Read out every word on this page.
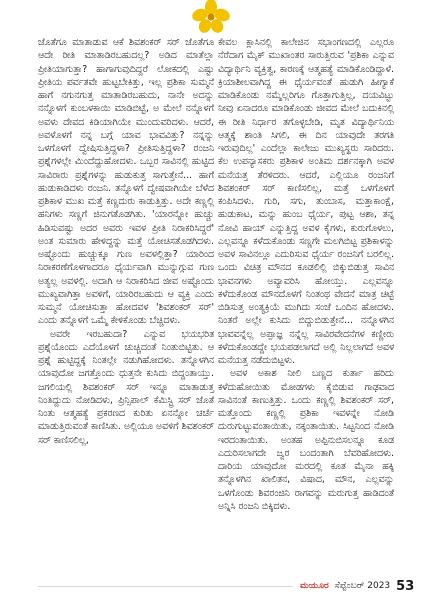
ಜೊತೆಗೂ ಮಾತಾಡುವ ಆಕೆ ಶಿವಶಂಕರ್ ಸರ್ ಜೊತೆಗೂ ಆದೇ ರೀತಿ ಮಾತಾಡಿರಬಹುದಲ್ಲ? ಅಡಿದ ಮಾತೆಲ್ಲಾ ಪ್ರೀತಿಯಾಗುತ್ತಾ? ಹಾಗಾಗುವುದಿದ್ದರೆ ಲೋಕದಲ್ಲಿ ಎಷ್ಟು ಪ್ರೀತಿಯ ಪರ್ವತವೇ ಹುಟ್ಟಬೇಕಿತ್ತು, ಇಲ್ಲ ಪ್ರಶಿಕಾ ಸುಮ್ಮನೆ ಹಾಗೆ ನಗುನಗುತ್ತ ಮಾತಾಡಿರಬಹುದು, ನಾನೇ ಅದನ್ನು ನನ್ನೊಳಗೆ ಕುಂಬಳಕಾಯಿ ಮಾಡಿಬಿಟ್ಟೆ, ಅ ಮೇಲೆ ನನ್ನೊಳಗೆ ಅವಳು ದೇವದ ಕಿಡಿಯಾಗಿಯೇ ಮುಂದುವರಿದಳು. ಆದರೆ, ಅವಳೊಳಗೆ ನನ್ನ ಬಗ್ಗೆ ಯಾವ ಭಾವವಿತ್ತು? ನನ್ನನ್ನು ಒಳಗೊಳಗೆ ದ್ವೇಷಿಸುತ್ತಿದ್ದಳಾ? ಪ್ರೀತಿಸುತ್ತಿದ್ದಳಾ? ರಂಜನಿ ಪ್ರಶ್ನೆಗಳಲ್ಲೇ ಮಿಂದೆದ್ದುಹೋದಳು. ಒಬ್ಬರ ಸಾವಿನಲ್ಲಿ ಹುಟ್ಟಿದ ಸಾವಿರಾರು ಪ್ರಶ್ನೆಗಳನ್ನು ಹುಡುಕುತ್ತ ಸಾಗುತ್ತೇನೆ... ಹಾಗೆ ಹುಡುಕಾಡಿದಳು ರಂಜನಿ. ತನ್ನೊಳಗೆ ದ್ವೇಷವಾಗಿಯೇ ಬೆಳೆದ ಪ್ರಶಿಕಾಳ ಮುಖ ಮತ್ತೆ ಕಣ್ಣದುರು ಕಾಡುತ್ತಿತ್ತು. ಅದೇ ಕಣ್ಣಲ್ಲಿ ಹನಿಗಳು ಸಣ್ಣಗೆ ಜಿನುಗತೊಡಗಿತು. 'ಯಾರನ್ನೋ ಹುಚ್ಚು ಹಿಡಿಸುವಷ್ಟು ಅದರ ಅವರು ಇವಳ ಪ್ರೀತಿ ನಿರಾಕರಿಸಿದ್ದರೆ' ಅಂತ ಸುಮಾರು ಹೇಳಿದ್ದನ್ನು ಮತ್ತೆ ಯೋಚಿಸತೊಡಗಿದಳು. ಅಷ್ಟೊಂದು ಹುಚ್ಚುಕ್ಕೂ ಗುಣ ಅವಳಲ್ಲಿತ್ತಾ? ಯಾರಿಂದ ನಿರಾಕರಣೆಗೊಳಗಾದರೂ ಧೈರ್ಯವಾಗಿ ಮುನ್ನುಗ್ಗುವ ಗುಣ ಅತ್ಯಲ್ಲ ಅವಳಲ್ಲಿ. ಅದಾಗಿ ಆ ನಿರಾಕರಿಸಿದ ಜೀವ ಅಷ್ಟೊಂದು ಮುಖ್ಯವಾಗಿತ್ತಾ ಅವಳಿಗೆ, ಯಾರಿರಬಹುದು ಆ ವ್ಯಕ್ತಿ ಎಂದು ಸುಮ್ಮನೆ ಯೋಚಿಸುತ್ತಾ ಹೋದವಳ 'ಶಿವಶಂಕರ್ ಸರ್' ಎಂದು ತನ್ನೊಳಗೆ ಒಮ್ಮೆ ಕೇಳಿಕೊಂಡು ಬೆಚ್ಚಿದಳು.

ಅವರೇ ಇರಬಹುದಾ? ಎನ್ನುವ ಭಯಭರಿತ ಪ್ರಶ್ನೆಯೊಂದು ಎದೆಯೊಳಗೆ ಚುಚ್ಚಿದಂತೆ ನಿಂತುಬಿಟ್ಟಿತು. ಆ ಪ್ರಶ್ನೆ ಹುಟ್ಟಿದ್ದಕ್ಕೆ ನಿಂತಲ್ಲೇ ನಡುಗಿಹೋದಳು. ತನ್ನೊಳಗಿನ ಯಾವುದೋ ಜಗತ್ತೊಂದು ಧುತ್ತನೇ ಕುಸಿದು ಬಿದ್ದಂತಾಯ್ತು. ಜಗಲಿಯಲ್ಲಿ ಶಿವಶಂಕರ್ ಸರ್ ಇನ್ನೂ ಮಾತಾಡುತ್ತ ನಿಂತಿದ್ದುದು ನೋಡಿದಳು, ಪ್ರಿನ್ಸಿಪಾಲ್ ಕೆಮಿಸ್ಟ್ರಿ ಸರ್ ಜೊತೆ ನಿಂತು ಆತ್ಮಹತ್ಯೆ ಪ್ರಕರಣದ ಕುರಿತು ಏನನ್ನೋ ಚರ್ಚೆ ಮಾಡುತ್ತಿರುವಂತೆ ಕಾಣಿಸಿತು. ಅಲ್ಲಿಯೂ ಅವಳಿಗೆ ಶಿವಶಂಕರ್ ಸರ್ ಕಾಣಿಸಲಿಲ್ಲ,

ಕೇವಲ ಕ್ಲಾಸಿನಲ್ಲಿ ಕಾಲೇಜಿನ ಸಭಾಂಗಣದಲ್ಲಿ ಎಲ್ಲರೂ ನೆರೆದಾಗ ಮೈಕ್ ಮುಖಾಂತರ ಸಾರುತ್ತಿರುವ 'ಪ್ರಶಿಕಾ ಎನ್ನುವ ವಿದ್ಯಾರ್ಥಿನಿ ವ್ಯಕ್ತಿತ್ವ, ಕಾರಣಕ್ಕೆ ಆತ್ಮಹತ್ಯೆ ಮಾಡಿಕೊಂಡಿದ್ದಾಳೆ. ಕ್ರಿಯಾಶೀಲವಾಗಿದ್ದ ಈ ಧೈರ್ಯವಂತೆ ಹುಡುಗಿ ಹೀಗ್ಯಾಕೆ ಮಾಡಿಕೊಂಡು ನಮ್ಮೆಲ್ಲರಿಗೂ ಗೊತ್ತಾಗುತ್ತಿಲ್ಲ, ದಯವಿಟ್ಟು ನೀವು ಏನಾದರೂ ಮಾಡಿಕೊಂಡು ಜೀವದ ಮೇಲೆ ಬದುಕಿನಲ್ಲಿ ಈ ರೀತಿ ನಿರ್ಧಾರ ತಗೊಳ್ಳಬೇಡಿ, ಮೃತ ವಿದ್ಯಾರ್ಥಿನಿಯ ಆತ್ಮಕ್ಕೆ ಶಾಂತಿ ಸಿಗಲಿ, ಈ ದಿನ ಯಾವುದೇ ತರಗತಿ ಇರುವುದಿಲ್ಲ' ಎಂದೆಲ್ಲಾ ಕಾಲೇಜು ಮುಖ್ಯಸ್ಥರು ಸಾರಿದರು. ಕೆಲ ಉಪನ್ಯಾಸಕರು ಪ್ರಶಿಕಾಳ ಅಂತಿಮ ದರ್ಶನಕ್ಕಾಗಿ ಅವಳ ಮನೆಯತ್ತ ತೆರಳಿದರು. ಆದರೆ, ಎಲ್ಲಿಯೂ ರಂಜನಿಗೆ ಶಿವಶಂಕರ್ ಸರ್ ಕಾಣಿಸಲಿಲ್ಲ, ಮತ್ತೆ ಒಳಗೊಳಗೆ ಕಂಪಿಸಿದಳು. ಗುರಿ, ಸಗು, ತುಂಬಾಸ, ಮತ್ತಾಕಾಂಕ್ಷೆ, ಹುಡುಕಾಟ, ಮನ್ನು ಹುಂಬ ಧೈರ್ಯ, ಪುಟ್ಟ ಆಶಾ, ತನ್ನ ನೋವಿ ಹಾಯ್ ಎನ್ನುತ್ತಿದ್ದ ಅವಳ ಕೈಗಳು, ಕುರುಗೊಳಲು, ಎಲ್ಲವನ್ನೂ ಕಳೆದುಕೊಂಡು ಸಣ್ಣಗೇ ಮಲಗಿಬಿಟ್ಟ ಪ್ರಶಿಕಾಳನ್ನು ಅವಳ ಸಾವಿನಲ್ಲೂ ಎದುರಿಸುವ ಧೈರ್ಯ ರಂಜನಿಗೆ ಬರಲಿಲ್ಲ. ಒಂದು ವಿಚಿತ್ರ ಮೌನದ ಕೂಡಲಿಲ್ಲಿ ಬಿಕ್ಕುಬಿಡುತ್ತ ಸಾವಿನ ಭಾವನಗಳು ಅವ್ಯಾವರಿಸಿ ಹೋಯ್ತು. ಎಲ್ಲವನ್ನೂ ಕಳೆದುಕೊಂಡ ಮೌನದೊಳಗೆ ನಿಂತಂಥ ವೇದನೆ ಮಾತ್ರ ಚಿಟ್ಟೆ ಬಿಡಿಸುತ್ತ ಅಂತ್ಯಕ್ರಿಯೆ ಮುಗಿದು ಸಂಜೆ ಒಂದಿನ ಹೋದಳು. ನಿಂತರೆ ಅಲ್ಲೇ ಕುಸಿದು ಬಿದ್ದುಬಿಡುತ್ತೇನೆ... ನನ್ನೊಳಗಿನ ಭಾವವನ್ನೆಲ್ಲ ಅಪ್ಪಾಜ್ಞ ನನ್ನೆಲ್ಲ ಸಾವಿರವೇದನೆಗಳ ಕಣ್ಣೀರು ಕಳೆದುಕೊಂಡದ್ದೇ ಭಯಪಡಲಾಗದೆ ಅಲ್ಲಿ ನಿಲ್ಲಲಾಗದೆ ಅವಳ ಮನೆಯತ್ತ ನಡೆದುಬಿಟ್ಟಳು.

ಅವಳ ಅಕಾಶ ನೀಲಿ ಬಣ್ಣದ ಕುರ್ತಾ ಹರಿದು ಕಳೆದುಹೋಯಿತು ಮೋಡಗಳು ಕೈಬಿಡುವ ಗಾಢವಾದ ಸಾವಿನಂತೆ ಕಾಣುತ್ತಿತ್ತು. ಒಂದು ಕಣ್ಣಲ್ಲಿ ಶಿವಶಂಕರ್ ಸರ್, ಮತ್ತೊಂದು ಕಣ್ಣಲ್ಲಿ ಪ್ರಶಿಕಾ ಇವಳನ್ನೇ ನೋಡಿ ದುರುಗುಟ್ಟುವಂತಾಯಿತು, ನಕ್ಕಂತಾಯಿತು. ಸಿಟ್ಟನಿಂದ ನೋಡಿ ಇರದಂತಾಯಿತು. ಅಂತಹ ಅಪ್ಪಿನುಬಿಸಲನ್ನೂ ಕೂಡ ಎದುರಿಸಲಾಗದೇ ಜ್ವರ ಬಂದಂತಾಗಿ ಬೆವರಿಹೋದಳು. ದಾರಿಯ ಯಾವುದೋ ಮರದಲ್ಲಿ ಕೂತ ಮೈನಾ ಹಕ್ಕಿ ತನ್ನೊಳಗಿನ ಖಾಲಿತನ, ವಿಷಾದ, ಮೌನ, ಎಲ್ಲವನ್ನು ಒಳಗೊಂಡು ಶಿವರಂಜಿನಿ ರಾಗವನ್ನು ಮರುಗುತ್ತ ಹಾಡಿದಂತೆ ಅನ್ನಿಸಿ ರಂಜನಿ ಬಿಕ್ಕಿದಳು.

ಮಯೂರ ಸೆಪ್ಟೆಂಬರ್ 2023 53
